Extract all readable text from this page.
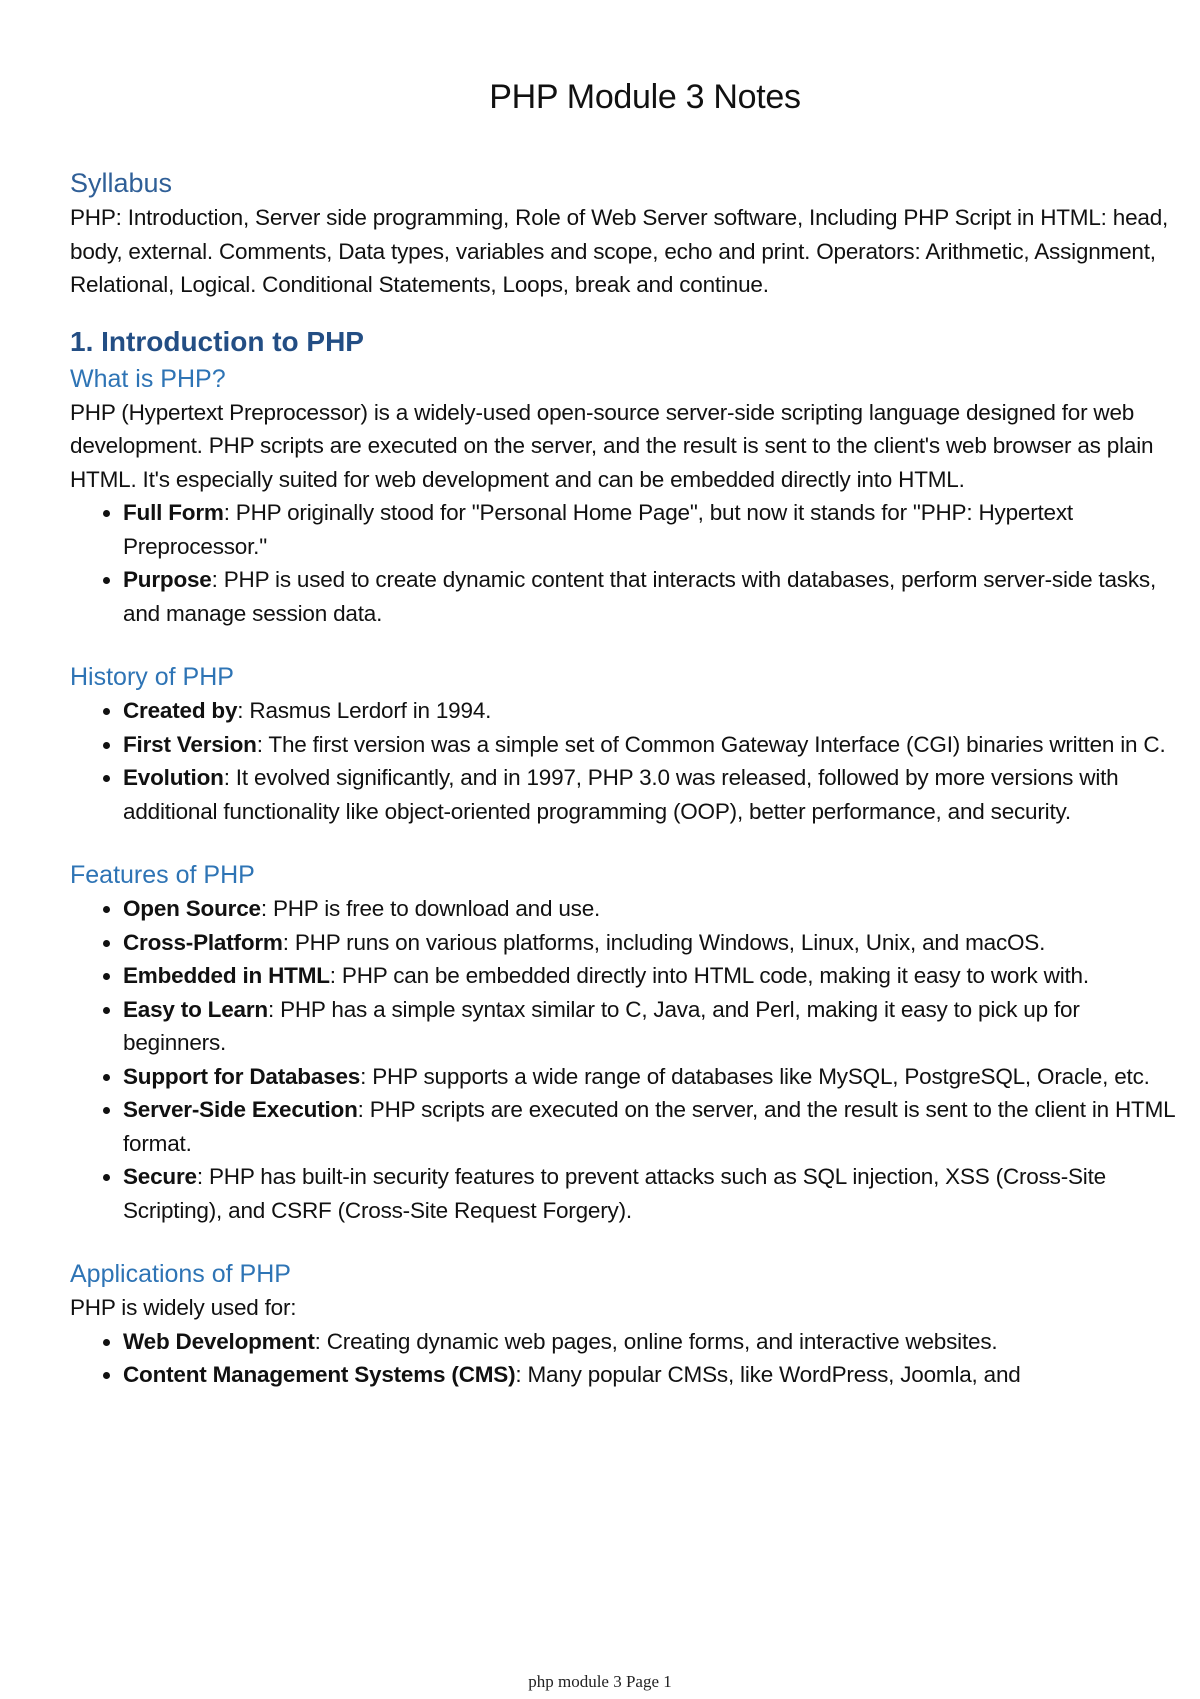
PHP Module 3 Notes
Syllabus

PHP: Introduction, Server side programming, Role of Web Server software, Including PHP Script in HTML: head, body, external. Comments, Data types, variables and scope, echo and print. Operators: Arithmetic, Assignment, Relational, Logical. Conditional Statements, Loops, break and continue.

1. Introduction to PHP
What is PHP?

PHP (Hypertext Preprocessor) is a widely-used open-source server-side scripting language designed for web development. PHP scripts are executed on the server, and the result is sent to the client's web browser as plain HTML. It's especially suited for web development and can be embedded directly into HTML.

• Full Form: PHP originally stood for "Personal Home Page", but now it stands for "PHP: Hypertext Preprocessor."
• Purpose: PHP is used to create dynamic content that interacts with databases, perform server-side tasks, and manage session data.
History of PHP
• Created by: Rasmus Lerdorf in 1994.
• First Version: The first version was a simple set of Common Gateway Interface (CGI) binaries written in C.
• Evolution: It evolved significantly, and in 1997, PHP 3.0 was released, followed by more versions with additional functionality like object-oriented programming (OOP), better performance, and security.
Features of PHP
• Open Source: PHP is free to download and use.
• Cross-Platform: PHP runs on various platforms, including Windows, Linux, Unix, and macOS.
• Embedded in HTML: PHP can be embedded directly into HTML code, making it easy to work with.
• Easy to Learn: PHP has a simple syntax similar to C, Java, and Perl, making it easy to pick up for beginners.
• Support for Databases: PHP supports a wide range of databases like MySQL, PostgreSQL, Oracle, etc.
• Server-Side Execution: PHP scripts are executed on the server, and the result is sent to the client in HTML format.
• Secure: PHP has built-in security features to prevent attacks such as SQL injection, XSS (Cross-Site Scripting), and CSRF (Cross-Site Request Forgery).
Applications of PHP

PHP is widely used for:

• Web Development: Creating dynamic web pages, online forms, and interactive websites.
• Content Management Systems (CMS): Many popular CMSs, like WordPress, Joomla, and
php module 3 Page 1
